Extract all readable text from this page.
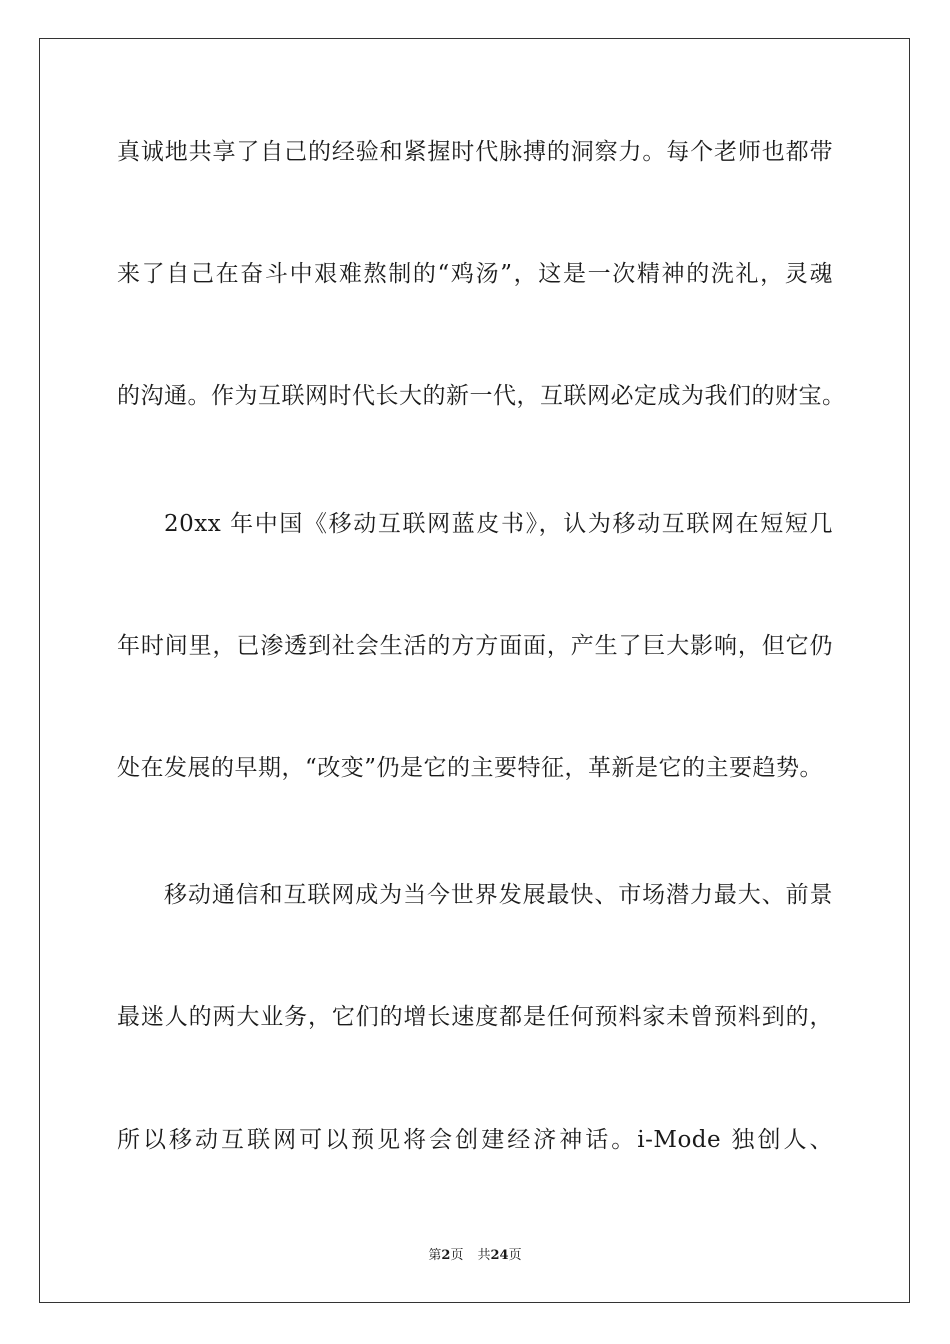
真诚地共享了自己的经验和紧握时代脉搏的洞察力。每个老师也都带
来了自己在奋斗中艰难熬制的“鸡汤”，这是一次精神的洗礼，灵魂
的沟通。作为互联网时代长大的新一代，互联网必定成为我们的财宝。
20xx 年中国《移动互联网蓝皮书》，认为移动互联网在短短几
年时间里，已渗透到社会生活的方方面面，产生了巨大影响，但它仍
处在发展的早期，“改变”仍是它的主要特征，革新是它的主要趋势。
移动通信和互联网成为当今世界发展最快、市场潜力最大、前景
最迷人的两大业务，它们的增长速度都是任何预料家未曾预料到的，
所以移动互联网可以预见将会创建经济神话。i-Mode 独创人、
第2页 共24页
